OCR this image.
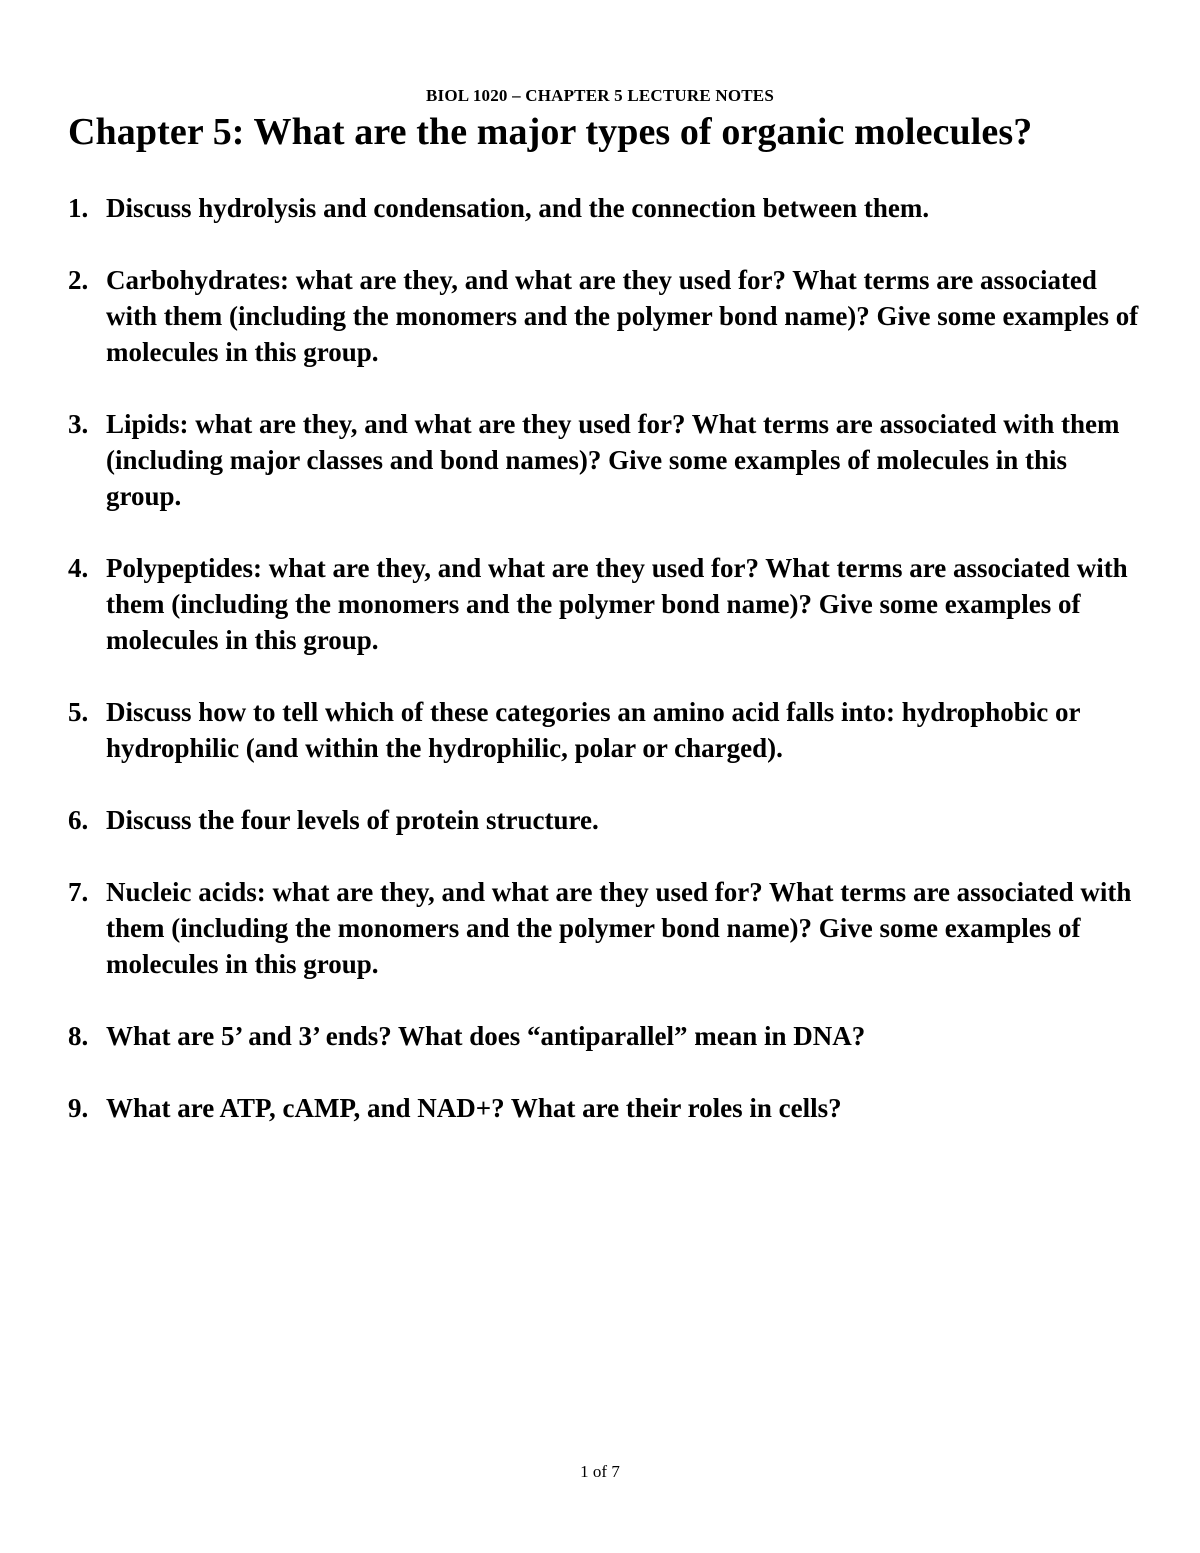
BIOL 1020 – CHAPTER 5 LECTURE NOTES
Chapter 5: What are the major types of organic molecules?
1. Discuss hydrolysis and condensation, and the connection between them.
2. Carbohydrates: what are they, and what are they used for? What terms are associated with them (including the monomers and the polymer bond name)? Give some examples of molecules in this group.
3. Lipids: what are they, and what are they used for? What terms are associated with them (including major classes and bond names)? Give some examples of molecules in this group.
4. Polypeptides: what are they, and what are they used for? What terms are associated with them (including the monomers and the polymer bond name)? Give some examples of molecules in this group.
5. Discuss how to tell which of these categories an amino acid falls into: hydrophobic or hydrophilic (and within the hydrophilic, polar or charged).
6. Discuss the four levels of protein structure.
7. Nucleic acids: what are they, and what are they used for? What terms are associated with them (including the monomers and the polymer bond name)? Give some examples of molecules in this group.
8. What are 5’ and 3’ ends? What does “antiparallel” mean in DNA?
9. What are ATP, cAMP, and NAD+? What are their roles in cells?
1 of 7
